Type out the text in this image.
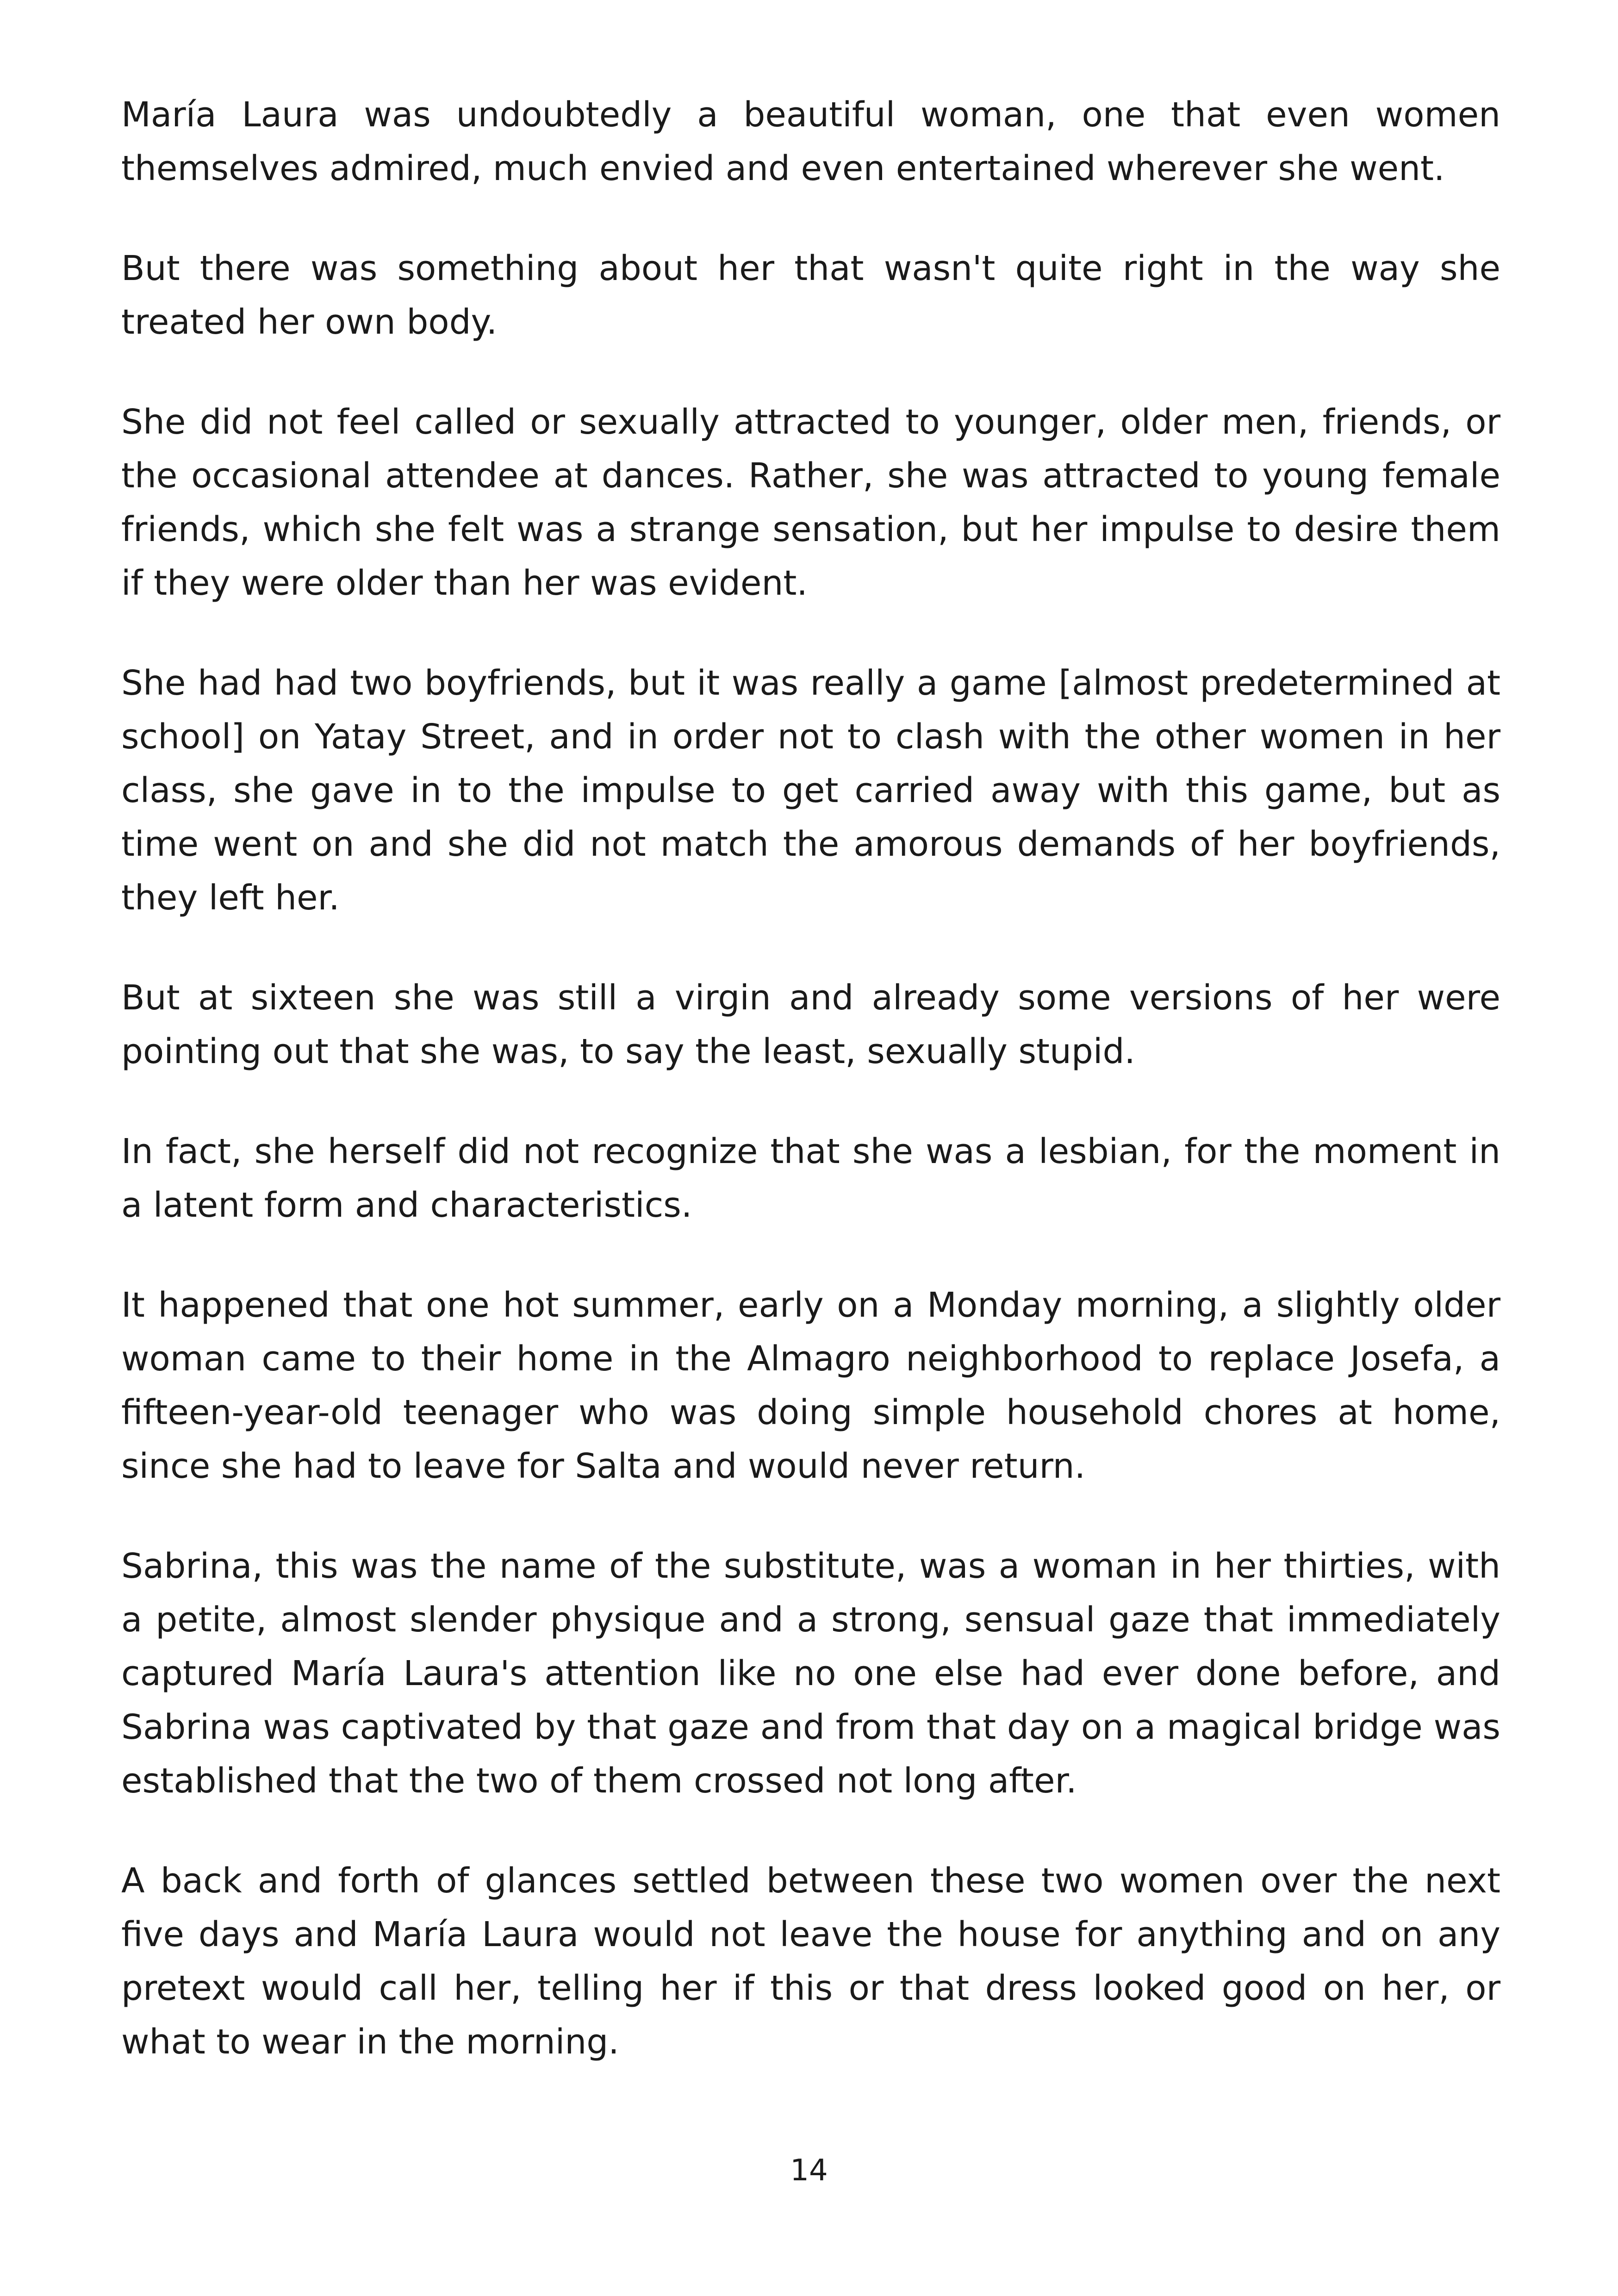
María Laura was undoubtedly a beautiful woman, one that even women themselves admired, much envied and even entertained wherever she went.

But there was something about her that wasn't quite right in the way she treated her own body.

She did not feel called or sexually attracted to younger, older men, friends, or the occasional attendee at dances. Rather, she was attracted to young female friends, which she felt was a strange sensation, but her impulse to desire them if they were older than her was evident.

She had had two boyfriends, but it was really a game [almost predetermined at school] on Yatay Street, and in order not to clash with the other women in her class, she gave in to the impulse to get carried away with this game, but as time went on and she did not match the amorous demands of her boyfriends, they left her.

But at sixteen she was still a virgin and already some versions of her were pointing out that she was, to say the least, sexually stupid.

In fact, she herself did not recognize that she was a lesbian, for the moment in a latent form and characteristics.

It happened that one hot summer, early on a Monday morning, a slightly older woman came to their home in the Almagro neighborhood to replace Josefa, a fifteen-year-old teenager who was doing simple household chores at home, since she had to leave for Salta and would never return.

Sabrina, this was the name of the substitute, was a woman in her thirties, with a petite, almost slender physique and a strong, sensual gaze that immediately captured María Laura's attention like no one else had ever done before, and Sabrina was captivated by that gaze and from that day on a magical bridge was established that the two of them crossed not long after.

A back and forth of glances settled between these two women over the next five days and María Laura would not leave the house for anything and on any pretext would call her, telling her if this or that dress looked good on her, or what to wear in the morning.

14
